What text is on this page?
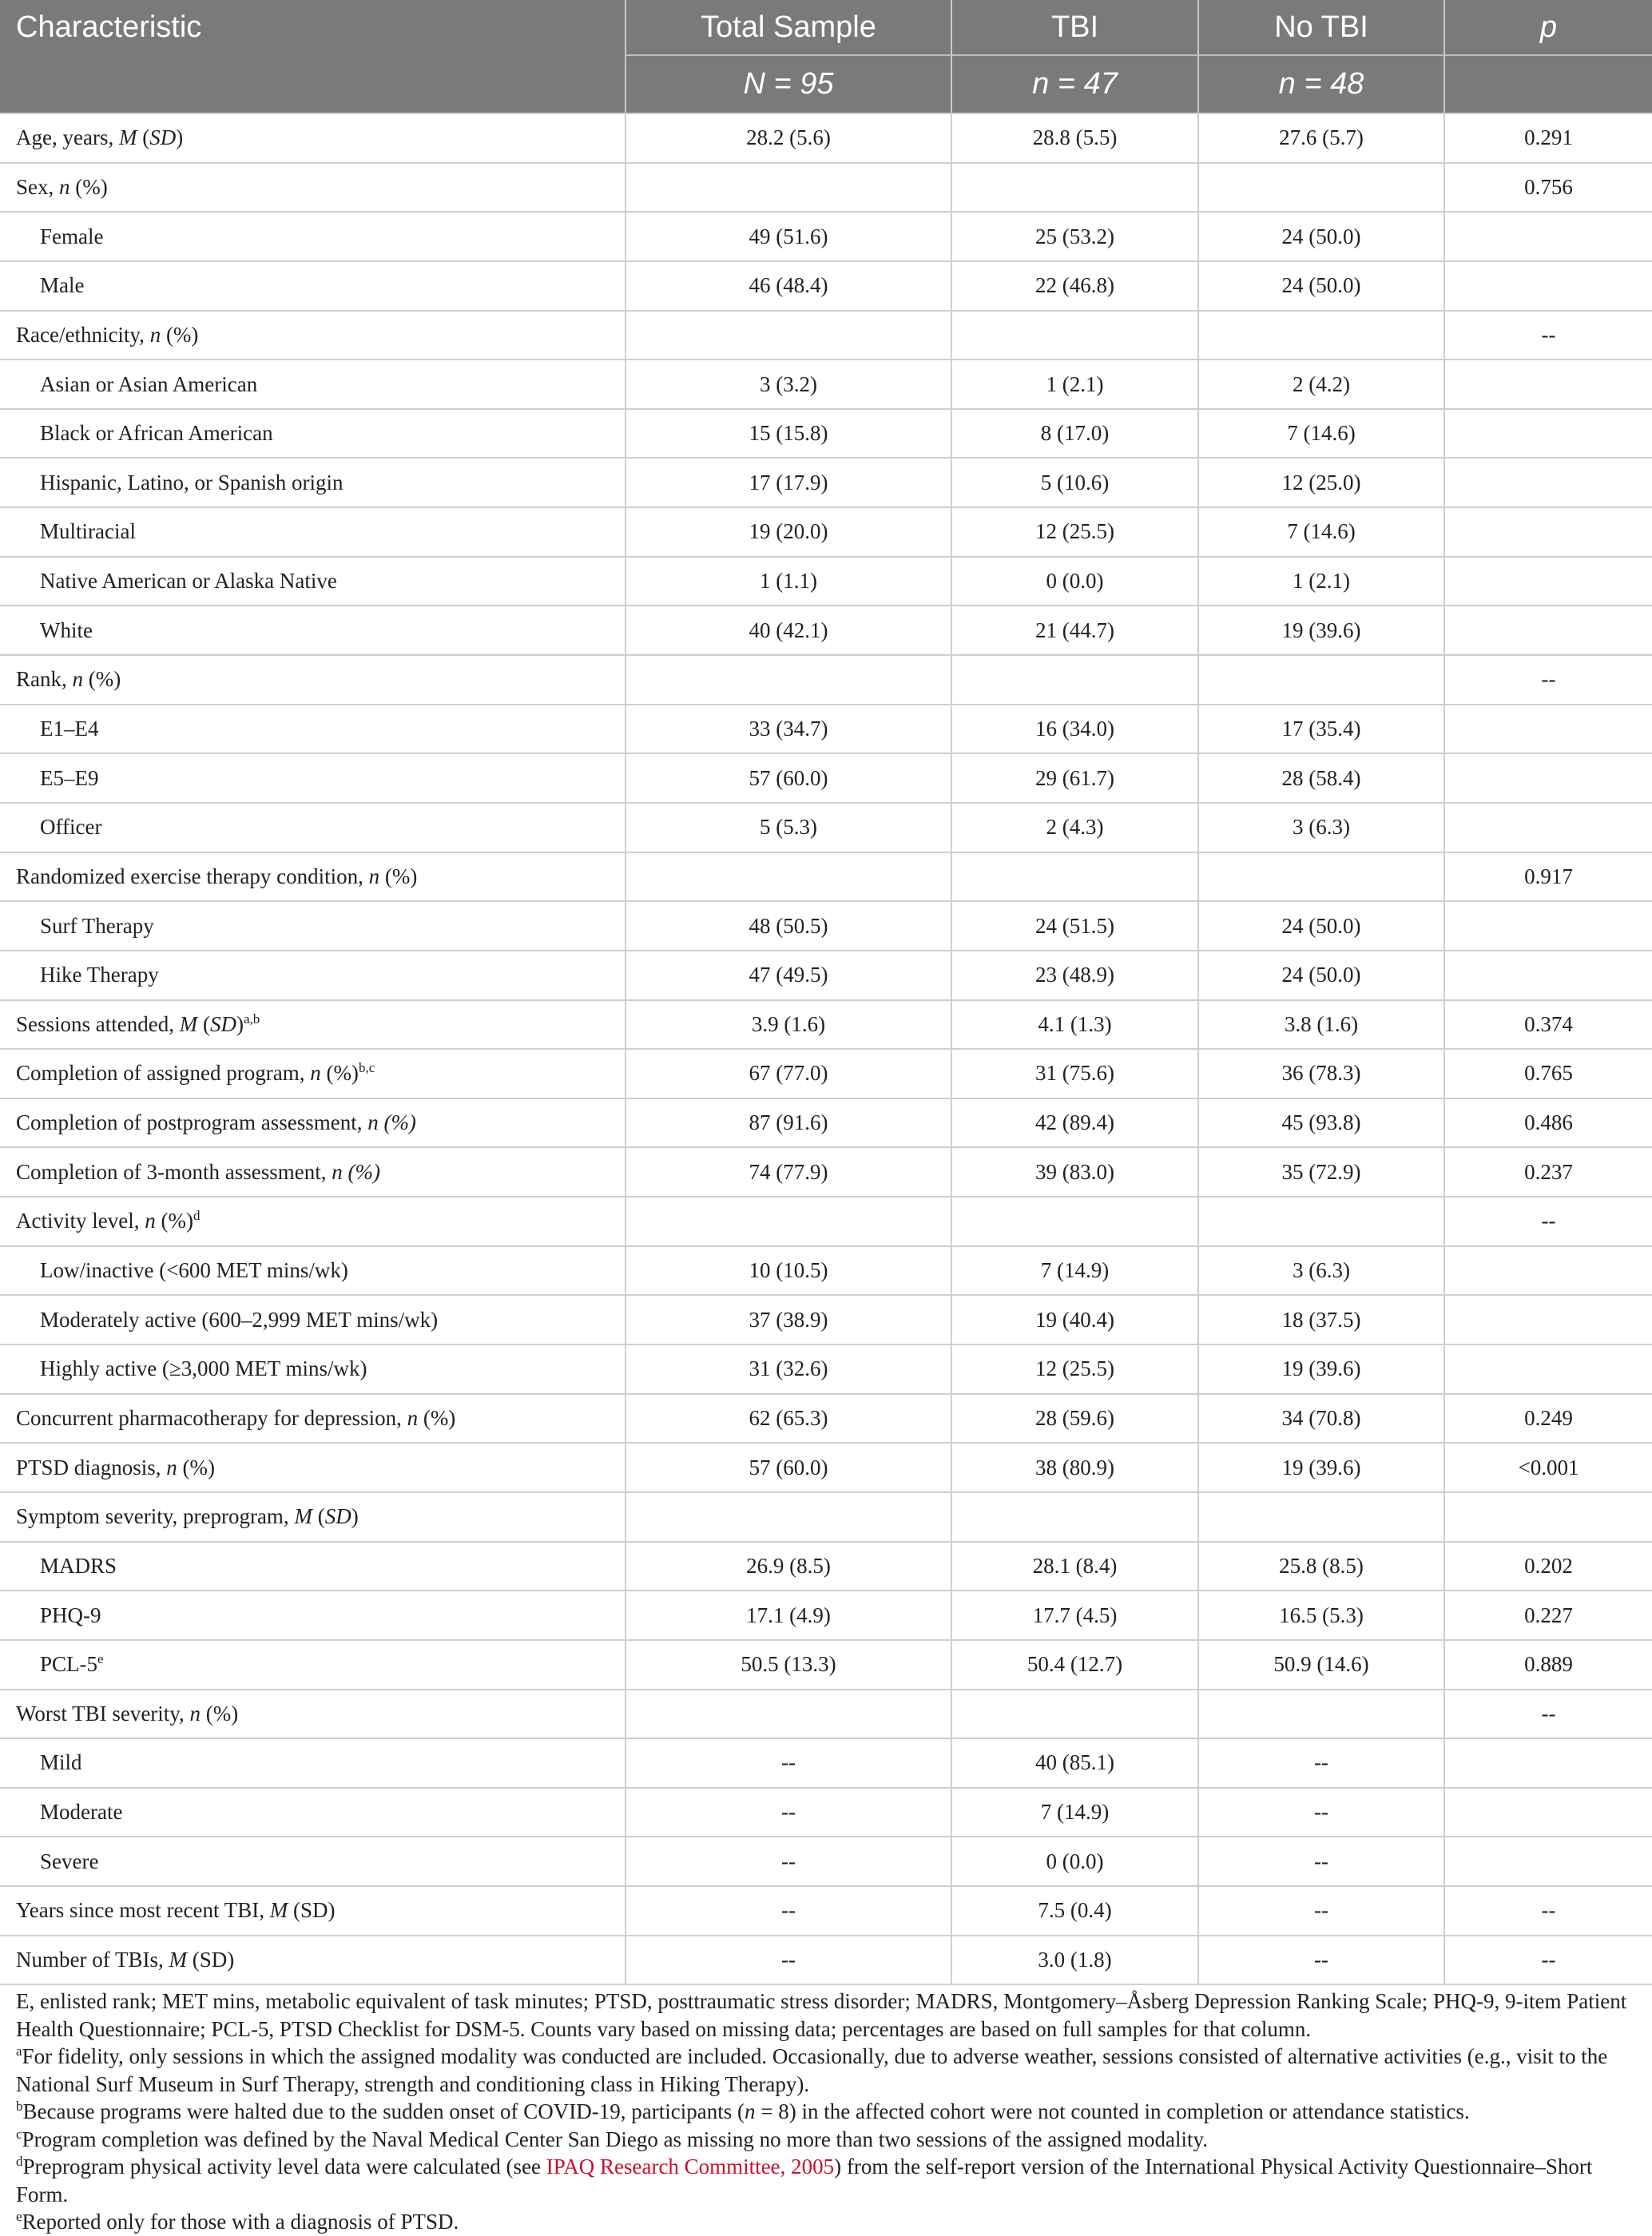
Characteristic	Total Sample	TBI	No TBI	p
	N = 95	n = 47	n = 48	
Age, years, M (SD)	28.2 (5.6)	28.8 (5.5)	27.6 (5.7)	0.291
Sex, n (%)				0.756
Female	49 (51.6)	25 (53.2)	24 (50.0)	
Male	46 (48.4)	22 (46.8)	24 (50.0)	
Race/ethnicity, n (%)				--
Asian or Asian American	3 (3.2)	1 (2.1)	2 (4.2)	
Black or African American	15 (15.8)	8 (17.0)	7 (14.6)	
Hispanic, Latino, or Spanish origin	17 (17.9)	5 (10.6)	12 (25.0)	
Multiracial	19 (20.0)	12 (25.5)	7 (14.6)	
Native American or Alaska Native	1 (1.1)	0 (0.0)	1 (2.1)	
White	40 (42.1)	21 (44.7)	19 (39.6)	
Rank, n (%)				--
E1–E4	33 (34.7)	16 (34.0)	17 (35.4)	
E5–E9	57 (60.0)	29 (61.7)	28 (58.4)	
Officer	5 (5.3)	2 (4.3)	3 (6.3)	
Randomized exercise therapy condition, n (%)				0.917
Surf Therapy	48 (50.5)	24 (51.5)	24 (50.0)	
Hike Therapy	47 (49.5)	23 (48.9)	24 (50.0)	
Sessions attended, M (SD)$^{a,b}$	3.9 (1.6)	4.1 (1.3)	3.8 (1.6)	0.374
Completion of assigned program, n (%)$^{b,c}$	67 (77.0)	31 (75.6)	36 (78.3)	0.765
Completion of postprogram assessment, n (%)	87 (91.6)	42 (89.4)	45 (93.8)	0.486
Completion of 3-month assessment, n (%)	74 (77.9)	39 (83.0)	35 (72.9)	0.237
Activity level, n (%)$^d$				--
Low/inactive (<600 MET mins/wk)	10 (10.5)	7 (14.9)	3 (6.3)	
Moderately active (600–2,999 MET mins/wk)	37 (38.9)	19 (40.4)	18 (37.5)	
Highly active (≥3,000 MET mins/wk)	31 (32.6)	12 (25.5)	19 (39.6)	
Concurrent pharmacotherapy for depression, n (%)	62 (65.3)	28 (59.6)	34 (70.8)	0.249
PTSD diagnosis, n (%)	57 (60.0)	38 (80.9)	19 (39.6)	<0.001
Symptom severity, preprogram, M (SD)				
MADRS	26.9 (8.5)	28.1 (8.4)	25.8 (8.5)	0.202
PHQ-9	17.1 (4.9)	17.7 (4.5)	16.5 (5.3)	0.227
PCL-5e	50.5 (13.3)	50.4 (12.7)	50.9 (14.6)	0.889
Worst TBI severity, n (%)				--
Mild	--	40 (85.1)	--	
Moderate	--	7 (14.9)	--	
Severe	--	0 (0.0)	--	
Years since most recent TBI, M (SD)	--	7.5 (0.4)	--	--
Number of TBIs, M (SD)	--	3.0 (1.8)	--	--

E, enlisted rank; MET mins, metabolic equivalent of task minutes; PTSD, posttraumatic stress disorder; MADRS, Montgomery–Åsberg Depression Ranking Scale; PHQ-9, 9-item Patient Health Questionnaire; PCL-5, PTSD Checklist for DSM-5. Counts vary based on missing data; percentages are based on full samples for that column.

$^a$For fidelity, only sessions in which the assigned modality was conducted are included. Occasionally, due to adverse weather, sessions consisted of alternative activities (e.g., visit to the National Surf Museum in Surf Therapy, strength and conditioning class in Hiking Therapy).

$^b$Because programs were halted due to the sudden onset of COVID-19, participants (n = 8) in the affected cohort were not counted in completion or attendance statistics.

$^c$Program completion was defined by the Naval Medical Center San Diego as missing no more than two sessions of the assigned modality.

$^d$Preprogram physical activity level data were calculated (see IPAQ Research Committee, 2005) from the self-report version of the International Physical Activity Questionnaire–Short Form.

$^e$Reported only for those with a diagnosis of PTSD.
